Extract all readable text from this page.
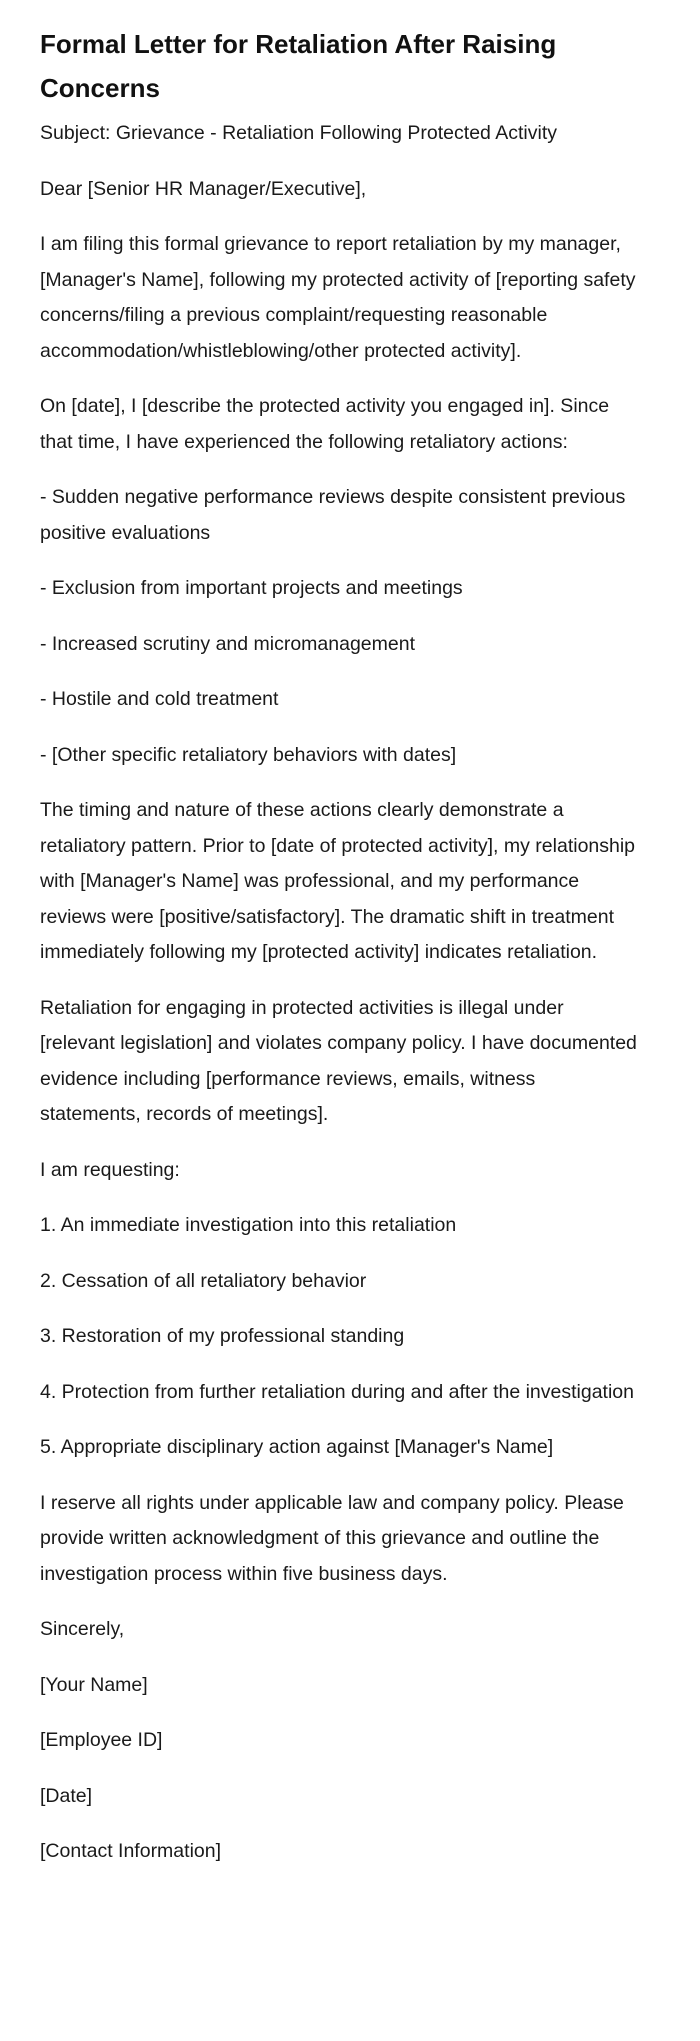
Formal Letter for Retaliation After Raising Concerns

Subject: Grievance - Retaliation Following Protected Activity

Dear [Senior HR Manager/Executive],

I am filing this formal grievance to report retaliation by my manager, [Manager's Name], following my protected activity of [reporting safety concerns/filing a previous complaint/requesting reasonable accommodation/whistleblowing/other protected activity].

On [date], I [describe the protected activity you engaged in]. Since that time, I have experienced the following retaliatory actions:

- Sudden negative performance reviews despite consistent previous positive evaluations

- Exclusion from important projects and meetings

- Increased scrutiny and micromanagement

- Hostile and cold treatment

- [Other specific retaliatory behaviors with dates]

The timing and nature of these actions clearly demonstrate a retaliatory pattern. Prior to [date of protected activity], my relationship with [Manager's Name] was professional, and my performance reviews were [positive/satisfactory]. The dramatic shift in treatment immediately following my [protected activity] indicates retaliation.

Retaliation for engaging in protected activities is illegal under [relevant legislation] and violates company policy. I have documented evidence including [performance reviews, emails, witness statements, records of meetings].

I am requesting:

1. An immediate investigation into this retaliation

2. Cessation of all retaliatory behavior

3. Restoration of my professional standing

4. Protection from further retaliation during and after the investigation

5. Appropriate disciplinary action against [Manager's Name]

I reserve all rights under applicable law and company policy. Please provide written acknowledgment of this grievance and outline the investigation process within five business days.

Sincerely,

[Your Name]

[Employee ID]

[Date]

[Contact Information]
